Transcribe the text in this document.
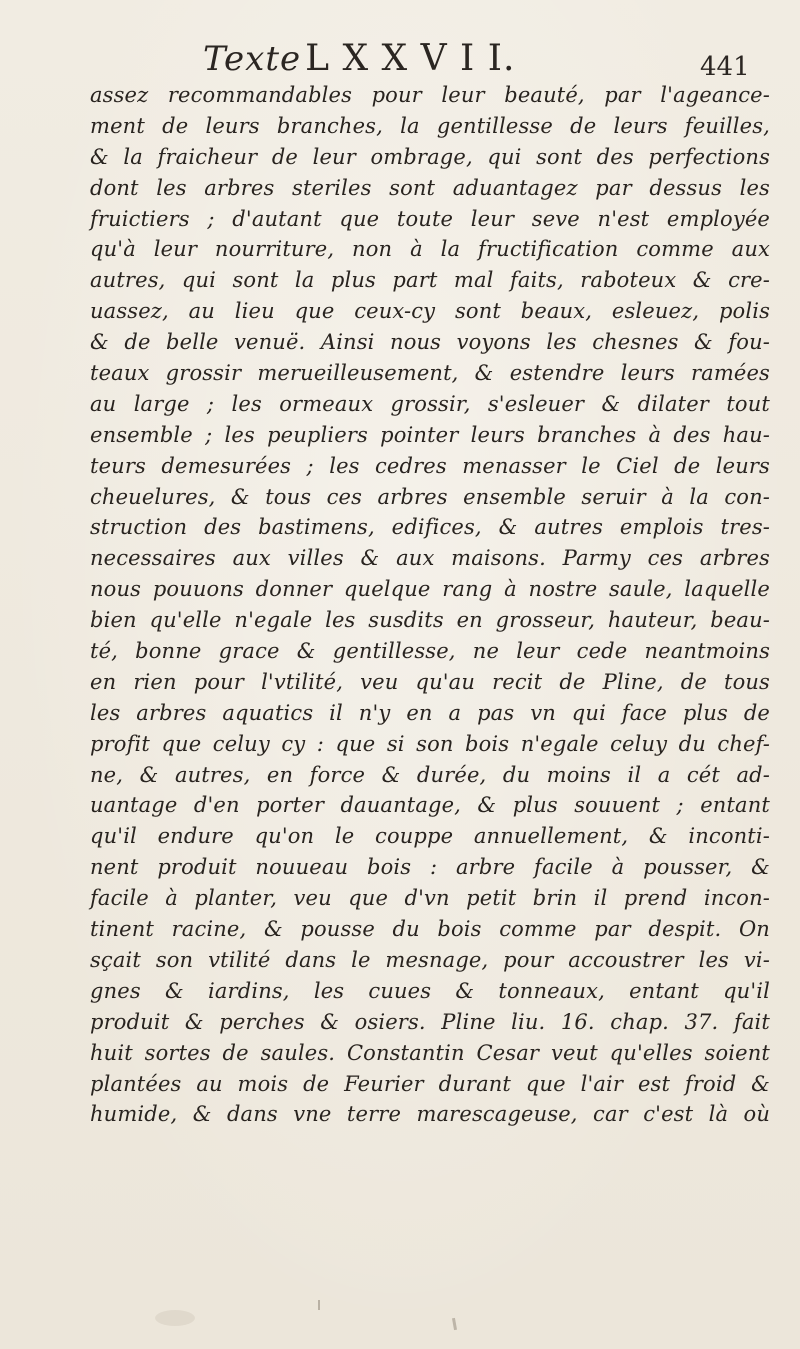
Texte L X X V I I.	441
assez recommandables pour leur beauté, par l'ageance-
ment de leurs branches, la gentillesse de leurs feuilles,
& la fraicheur de leur ombrage, qui sont des perfections
dont les arbres steriles sont aduantagez par dessus les
fruictiers ; d'autant que toute leur seve n'est employée
qu'à leur nourriture, non à la fructification comme aux
autres, qui sont la plus part mal faits, raboteux & cre-
uassez, au lieu que ceux-cy sont beaux, esleuez, polis
& de belle venuë. Ainsi nous voyons les chesnes & fou-
teaux grossir merueilleusement, & estendre leurs ramées
au large ; les ormeaux grossir, s'esleuer & dilater tout
ensemble ; les peupliers pointer leurs branches à des hau-
teurs demesurées ; les cedres menasser le Ciel de leurs
cheuelures, & tous ces arbres ensemble seruir à la con-
struction des bastimens, edifices, & autres emplois tres-
necessaires aux villes & aux maisons. Parmy ces arbres
nous pouuons donner quelque rang à nostre saule, laquelle
bien qu'elle n'egale les susdits en grosseur, hauteur, beau-
té, bonne grace & gentillesse, ne leur cede neantmoins
en rien pour l'vtilité, veu qu'au recit de Pline, de tous
les arbres aquatics il n'y en a pas vn qui face plus de
profit que celuy cy : que si son bois n'egale celuy du chef-
ne, & autres, en force & durée, du moins il a cét ad-
uantage d'en porter dauantage, & plus souuent ; entant
qu'il endure qu'on le couppe annuellement, & inconti-
nent produit nouueau bois : arbre facile à pousser, &
facile à planter, veu que d'vn petit brin il prend incon-
tinent racine, & pousse du bois comme par despit. On
sçait son vtilité dans le mesnage, pour accoustrer les vi-
gnes & iardins, les cuues & tonneaux, entant qu'il
produit & perches & osiers. Pline liu. 16. chap. 37. fait
huit sortes de saules. Constantin Cesar veut qu'elles soient
plantées au mois de Feurier durant que l'air est froid &
humide, & dans vne terre marescageuse, car c'est là où
